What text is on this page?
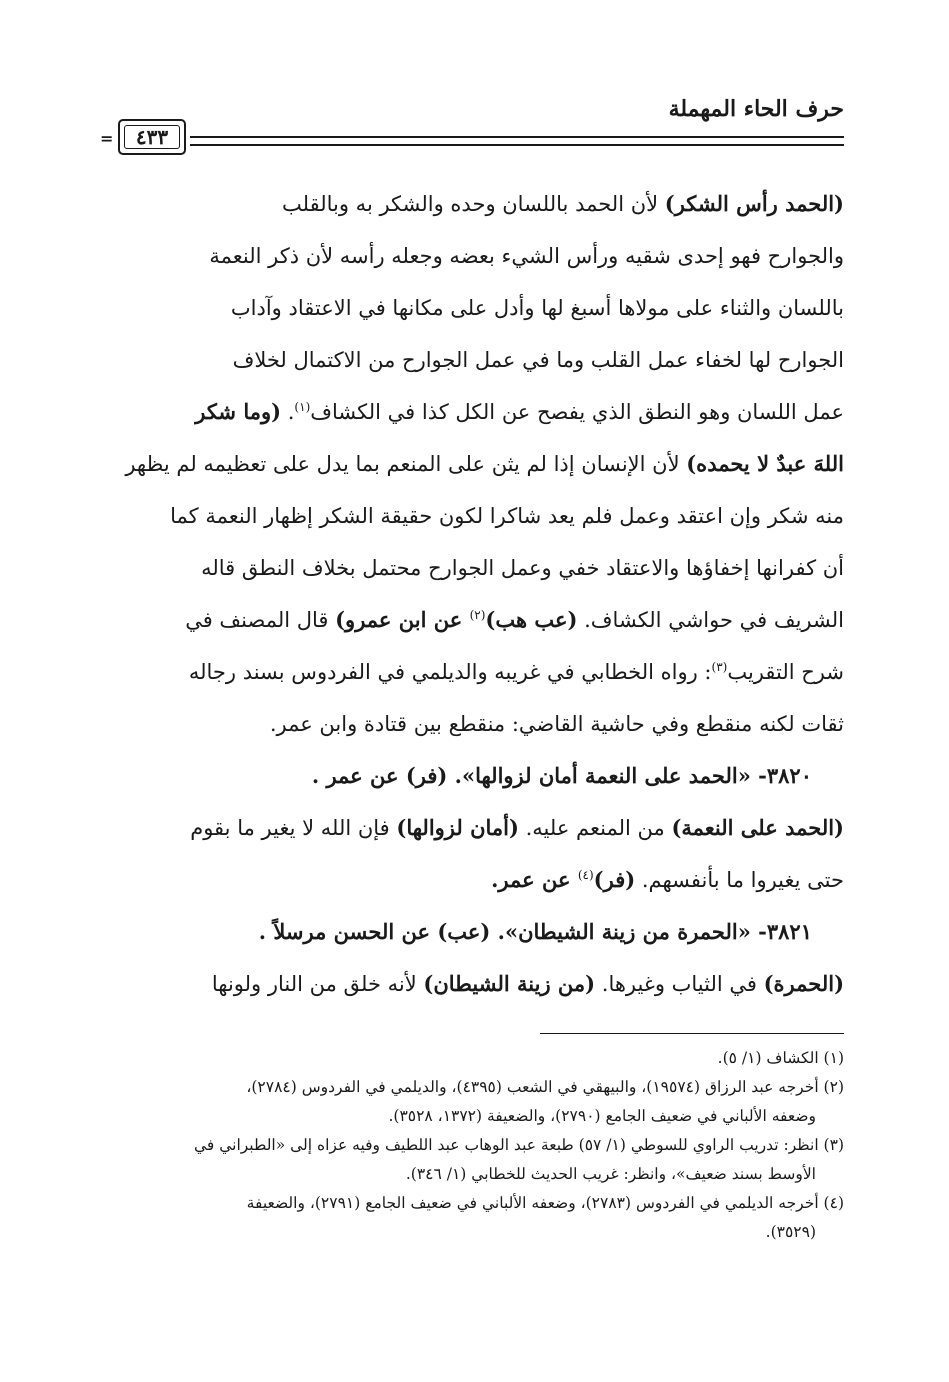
حرف الحاء المهملة
= ٤٣٣
(الحمد رأس الشكر) لأن الحمد باللسان وحده والشكر به وبالقلب
والجوارح فهو إحدى شقيه ورأس الشيء بعضه وجعله رأسه لأن ذكر النعمة
باللسان والثناء على مولاها أسبغ لها وأدل على مكانها في الاعتقاد وآداب
الجوارح لها لخفاء عمل القلب وما في عمل الجوارح من الاكتمال لخلاف
عمل اللسان وهو النطق الذي يفصح عن الكل كذا في الكشاف$^{(١)}$. (وما شكر
اللهَ عبدٌ لا يحمده) لأن الإنسان إذا لم يثن على المنعم بما يدل على تعظيمه لم يظهر
منه شكر وإن اعتقد وعمل فلم يعد شاكرا لكون حقيقة الشكر إظهار النعمة كما
أن كفرانها إخفاؤها والاعتقاد خفي وعمل الجوارح محتمل بخلاف النطق قاله
الشريف في حواشي الكشاف. (عب هب)$^{(٢)}$ عن ابن عمرو) قال المصنف في
شرح التقريب$^{(٣)}$: رواه الخطابي في غريبه والديلمي في الفردوس بسند رجاله
ثقات لكنه منقطع وفي حاشية القاضي: منقطع بين قتادة وابن عمر.
٣٨٢٠- «الحمد على النعمة أمان لزوالها». (فر) عن عمر .
(الحمد على النعمة) من المنعم عليه. (أمان لزوالها) فإن الله لا يغير ما بقوم
حتى يغيروا ما بأنفسهم. (فر)$^{(٤)}$ عن عمر.
٣٨٢١- «الحمرة من زينة الشيطان». (عب) عن الحسن مرسلاً .
(الحمرة) في الثياب وغيرها. (من زينة الشيطان) لأنه خلق من النار ولونها
(١) الكشاف (١/ ٥).
(٢) أخرجه عبد الرزاق (١٩٥٧٤)، والبيهقي في الشعب (٤٣٩٥)، والديلمي في الفردوس (٢٧٨٤)،
وضعفه الألباني في ضعيف الجامع (٢٧٩٠)، والضعيفة (١٣٧٢، ٣٥٢٨).
(٣) انظر: تدريب الراوي للسوطي (١/ ٥٧) طبعة عبد الوهاب عبد اللطيف وفيه عزاه إلى «الطبراني في
الأوسط بسند ضعيف»، وانظر: غريب الحديث للخطابي (١/ ٣٤٦).
(٤) أخرجه الديلمي في الفردوس (٢٧٨٣)، وضعفه الألباني في ضعيف الجامع (٢٧٩١)، والضعيفة
(٣٥٢٩).
